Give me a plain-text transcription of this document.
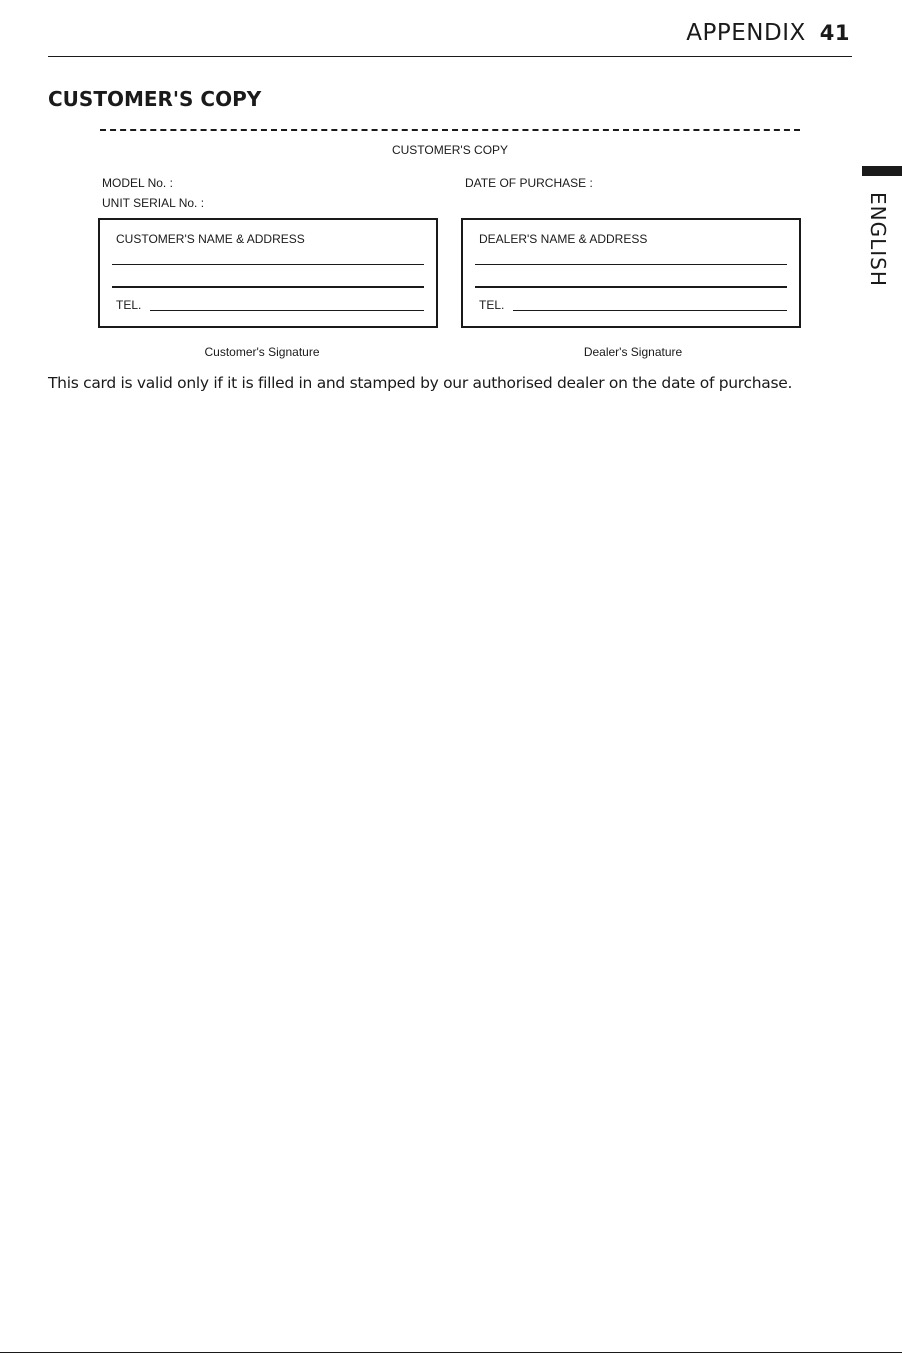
APPENDIX 41
ENGLISH
CUSTOMER'S COPY
CUSTOMER'S COPY
MODEL No. :
UNIT SERIAL No. :
DATE OF PURCHASE :
CUSTOMER'S NAME & ADDRESS
TEL.
DEALER'S NAME & ADDRESS
TEL.
Customer's Signature	Dealer's Signature
This card is valid only if it is filled in and stamped by our authorised dealer on the date of purchase.
